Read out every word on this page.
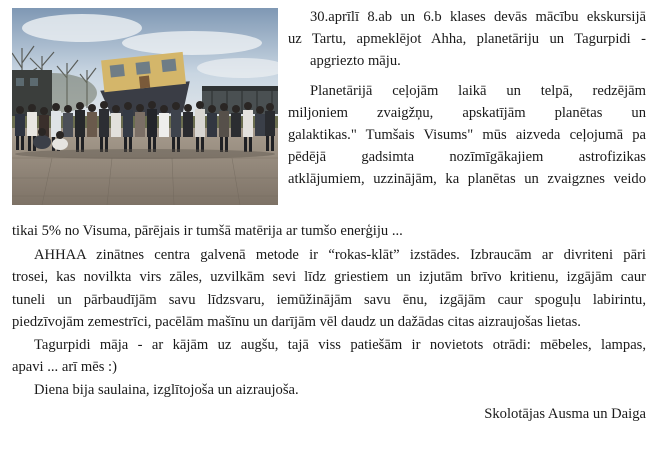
30.aprīlī 8.ab un 6.b klases devās mācību ekskursijā
uz Tartu, apmeklējot Ahha, planetāriju un Tagurpidi -
apgriezto māju.
Planetārijā ceļojām laikā un telpā, redzējām
miljoniem zvaigžņu, apskatījām planētas un
galaktikas." Tumšais Visums" mūs aizveda ceļojumā pa
pēdējā gadsimta nozīmīgākajiem astrofizikas
atklājumiem, uzzinājām, ka planētas un zvaigznes veido
tikai 5% no Visuma, pārējais ir tumšā matērija ar tumšo enerģiju ...
AHHAA zinātnes centra galvenā metode ir “rokas-klāt” izstādes. Izbraucām ar divriteni pāri
trosei, kas novilkta virs zāles, uzvilkām sevi līdz griestiem un izjutām brīvo kritienu, izgājām caur
tuneli un pārbaudījām savu līdzsvaru, iemūžinājām savu ēnu, izgājām caur spoguļu labirintu,
piedzīvojām zemestrīci, pacēlām mašīnu un darījām vēl daudz un dažādas citas aizraujošas lietas.
Tagurpidi māja - ar kājām uz augšu, tajā viss patiešām ir novietots otrādi: mēbeles, lampas,
apavi ... arī mēs :)
Diena bija saulaina, izglītojoša un aizraujoša.
Skolotājas Ausma un Daiga
